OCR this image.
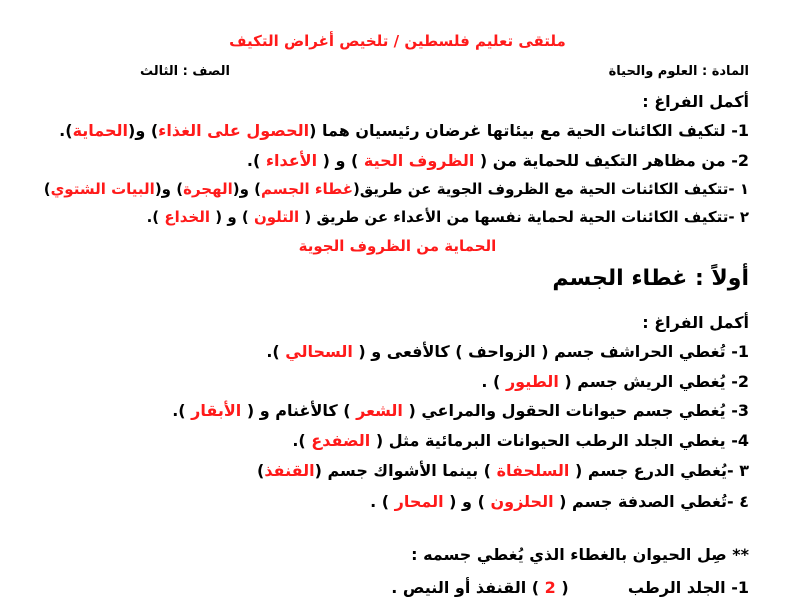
ملتقى تعليم فلسطين / تلخيص أغراض التكيف
المادة : العلوم والحياة
الصف : الثالث
أكمل الفراغ :
1- لتكيف الكائنات الحية مع بيئاتها غرضان رئيسيان هما (الحصول على الغذاء) و(الحماية).
2- من مظاهر التكيف للحماية من ( الظروف الحية ) و ( الأعداء ).
١ -تتكيف الكائنات الحية مع الظروف الجوية عن طريق(غطاء الجسم) و(الهجرة) و(البيات الشتوي)
٢ -تتكيف الكائنات الحية لحماية نفسها من الأعداء عن طريق ( التلون ) و ( الخداع ).
الحماية من الظروف الجوية
أولاً : غطاء الجسم
أكمل الفراغ :
1- تُغطي الحراشف جسم ( الزواحف ) كالأفعى و ( السحالي ).
2- يُغطي الريش جسم ( الطيور ) .
3- يُغطي جسم حيوانات الحقول والمراعي ( الشعر ) كالأغنام و ( الأبقار ).
4- يغطي الجلد الرطب الحيوانات البرمائية مثل ( الضفدع ).
٣ -يُغطي الدرع جسم ( السلحفاة ) بينما الأشواك جسم (القنفذ)
٤ -تُغطي الصدفة جسم ( الحلزون ) و ( المحار ) .
** صِل الحيوان بالغطاء الذي يُغطي جسمه :
1- الجلد الرطب  ( 2 ) القنفذ أو النيص .
